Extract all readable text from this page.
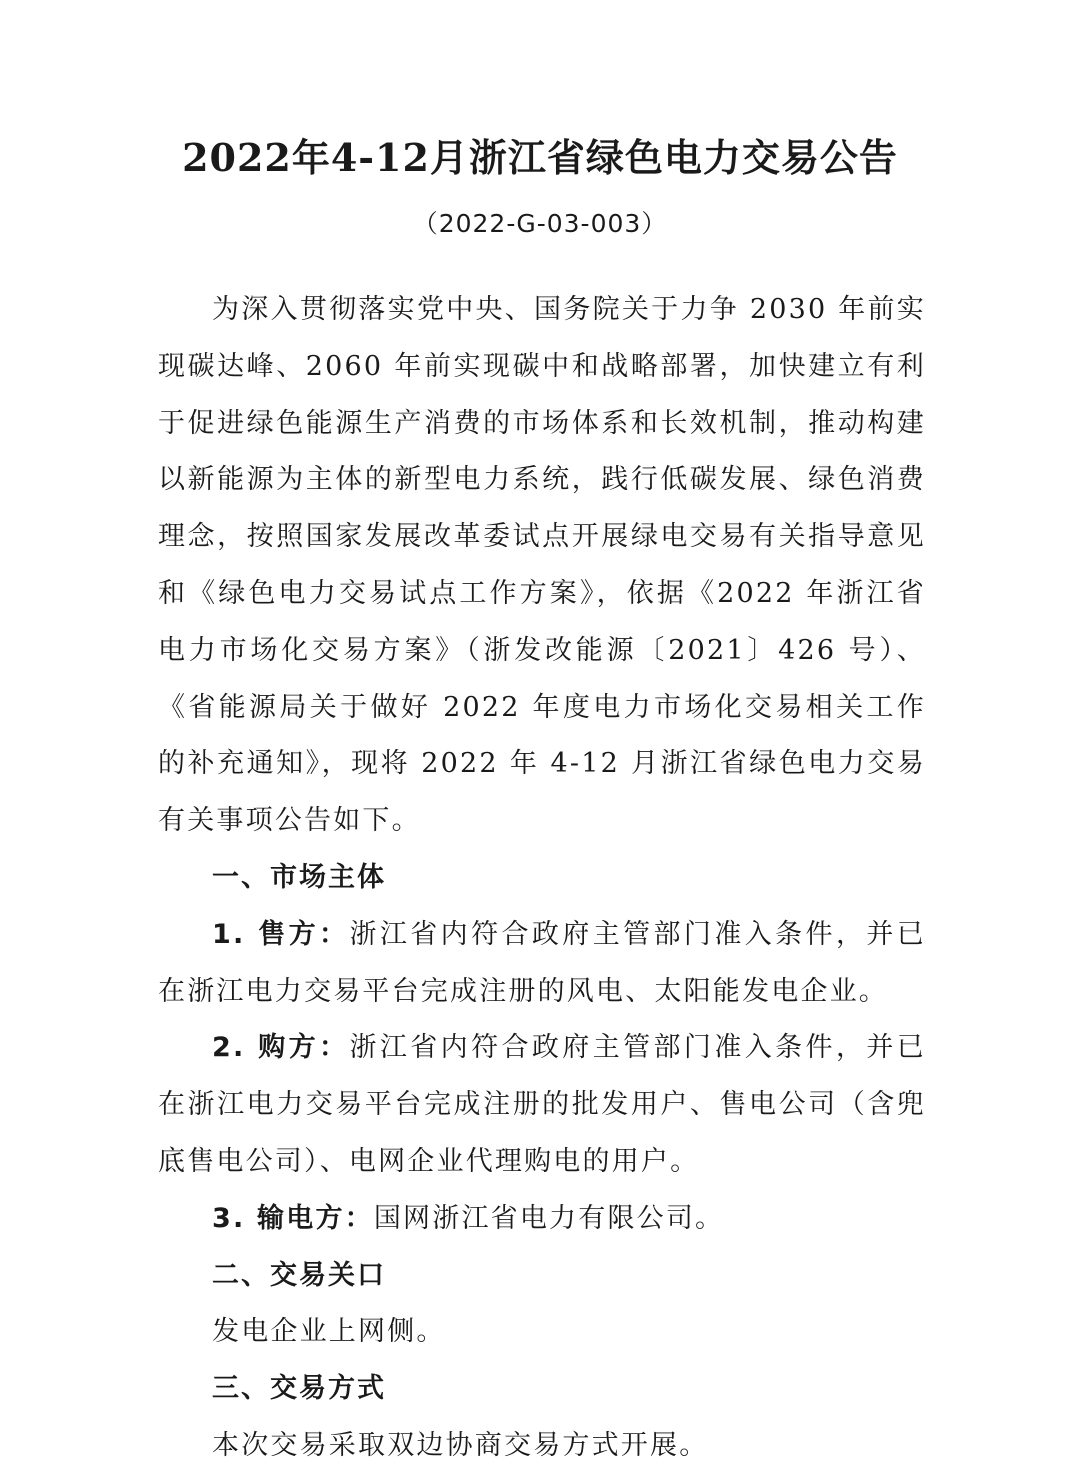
2022年4-12月浙江省绿色电力交易公告
（2022-G-03-003）

为深入贯彻落实党中央、国务院关于力争 2030 年前实现碳达峰、2060 年前实现碳中和战略部署，加快建立有利于促进绿色能源生产消费的市场体系和长效机制，推动构建以新能源为主体的新型电力系统，践行低碳发展、绿色消费理念，按照国家发展改革委试点开展绿电交易有关指导意见和《绿色电力交易试点工作方案》，依据《2022 年浙江省电力市场化交易方案》（浙发改能源〔2021〕426 号）、《省能源局关于做好 2022 年度电力市场化交易相关工作的补充通知》，现将 2022 年 4-12 月浙江省绿色电力交易有关事项公告如下。

一、市场主体

1. 售方：浙江省内符合政府主管部门准入条件，并已在浙江电力交易平台完成注册的风电、太阳能发电企业。

2. 购方：浙江省内符合政府主管部门准入条件，并已在浙江电力交易平台完成注册的批发用户、售电公司（含兜底售电公司）、电网企业代理购电的用户。

3. 输电方：国网浙江省电力有限公司。

二、交易关口

发电企业上网侧。

三、交易方式

本次交易采取双边协商交易方式开展。
